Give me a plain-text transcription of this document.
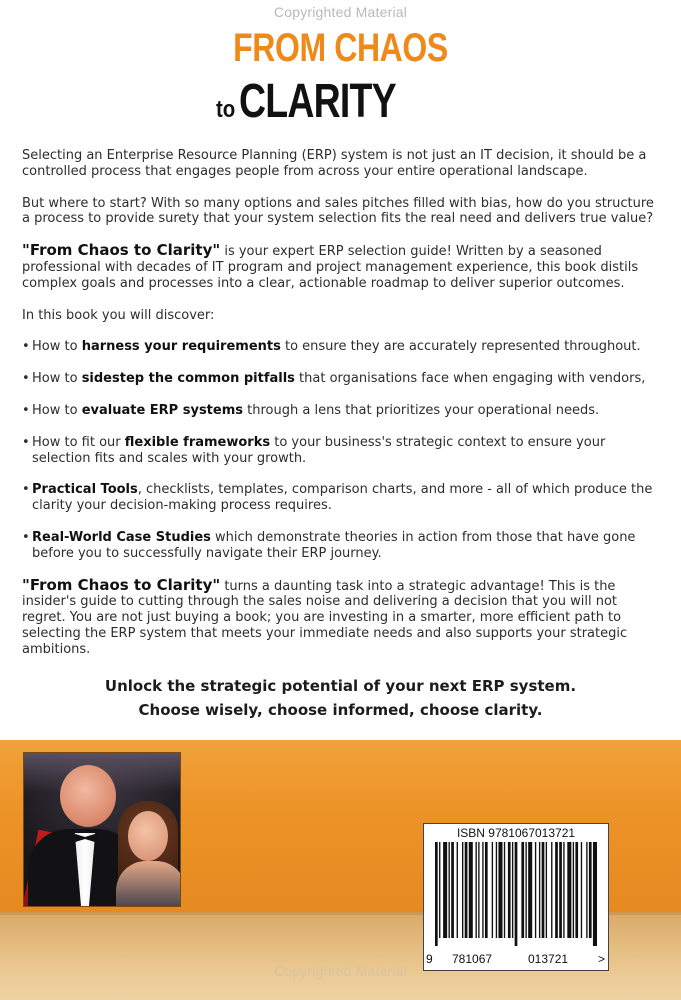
Copyrighted Material
FROM CHAOS
to CLARITY

Selecting an Enterprise Resource Planning (ERP) system is not just an IT decision, it should be a controlled process that engages people from across your entire operational landscape.

But where to start? With so many options and sales pitches filled with bias, how do you structure a process to provide surety that your system selection fits the real need and delivers true value?

"From Chaos to Clarity" is your expert ERP selection guide! Written by a seasoned professional with decades of IT program and project management experience, this book distils complex goals and processes into a clear, actionable roadmap to deliver superior outcomes.

In this book you will discover:

• How to harness your requirements to ensure they are accurately represented throughout.
• How to sidestep the common pitfalls that organisations face when engaging with vendors,
• How to evaluate ERP systems through a lens that prioritizes your operational needs.
• How to fit our flexible frameworks to your business's strategic context to ensure your selection fits and scales with your growth.
• Practical Tools, checklists, templates, comparison charts, and more - all of which produce the clarity your decision-making process requires.
• Real-World Case Studies which demonstrate theories in action from those that have gone before you to successfully navigate their ERP journey.

"From Chaos to Clarity" turns a daunting task into a strategic advantage! This is the insider's guide to cutting through the sales noise and delivering a decision that you will not regret. You are not just buying a book; you are investing in a smarter, more efficient path to selecting the ERP system that meets your immediate needs and also supports your strategic ambitions.

Unlock the strategic potential of your next ERP system.
Choose wisely, choose informed, choose clarity.
ISBN 9781067013721
9 781067	013721 >
Copyrighted Material
